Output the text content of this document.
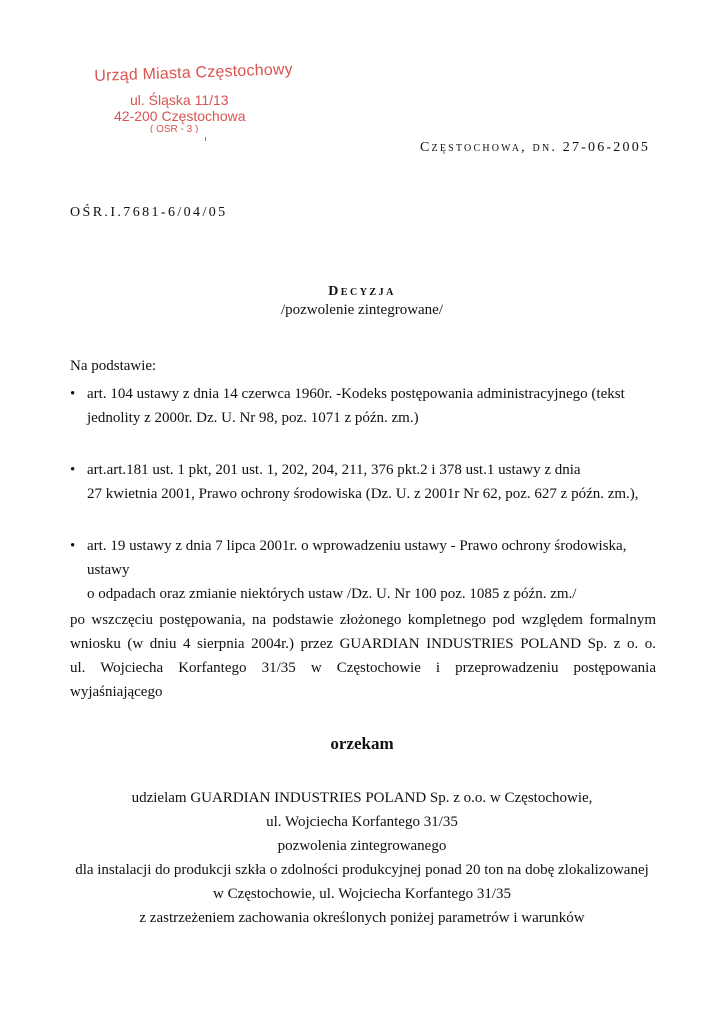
Urząd Miasta Częstochowy
ul. Śląska 11/13
42-200 Częstochowa
( OŚR - 3 )
Częstochowa, dn. 27-06-2005
OŚR.I.7681-6/04/05
Decyzja
/pozwolenie zintegrowane/
Na podstawie:
• art. 104 ustawy z dnia 14 czerwca 1960r. -Kodeks postępowania administracyjnego (tekst
jednolity z 2000r. Dz. U. Nr 98, poz. 1071 z późn. zm.)
• art.art.181 ust. 1 pkt, 201 ust. 1, 202, 204, 211, 376 pkt.2 i 378 ust.1 ustawy z dnia
27 kwietnia 2001, Prawo ochrony środowiska (Dz. U. z 2001r Nr 62, poz. 627 z późn. zm.),
• art. 19 ustawy z dnia 7 lipca 2001r. o wprowadzeniu ustawy - Prawo ochrony środowiska, ustawy
o odpadach oraz zmianie niektórych ustaw /Dz. U. Nr 100 poz. 1085 z późn. zm./
po wszczęciu postępowania, na podstawie złożonego kompletnego pod względem formalnym
wniosku (w dniu 4 sierpnia 2004r.) przez GUARDIAN INDUSTRIES POLAND Sp. z o. o.
ul. Wojciecha Korfantego 31/35 w Częstochowie i przeprowadzeniu postępowania wyjaśniającego
orzekam
udzielam GUARDIAN INDUSTRIES POLAND Sp. z o.o. w Częstochowie,
ul. Wojciecha Korfantego 31/35
pozwolenia zintegrowanego
dla instalacji do produkcji szkła o zdolności produkcyjnej ponad 20 ton na dobę zlokalizowanej
w Częstochowie, ul. Wojciecha Korfantego 31/35
z zastrzeżeniem zachowania określonych poniżej parametrów i warunków
